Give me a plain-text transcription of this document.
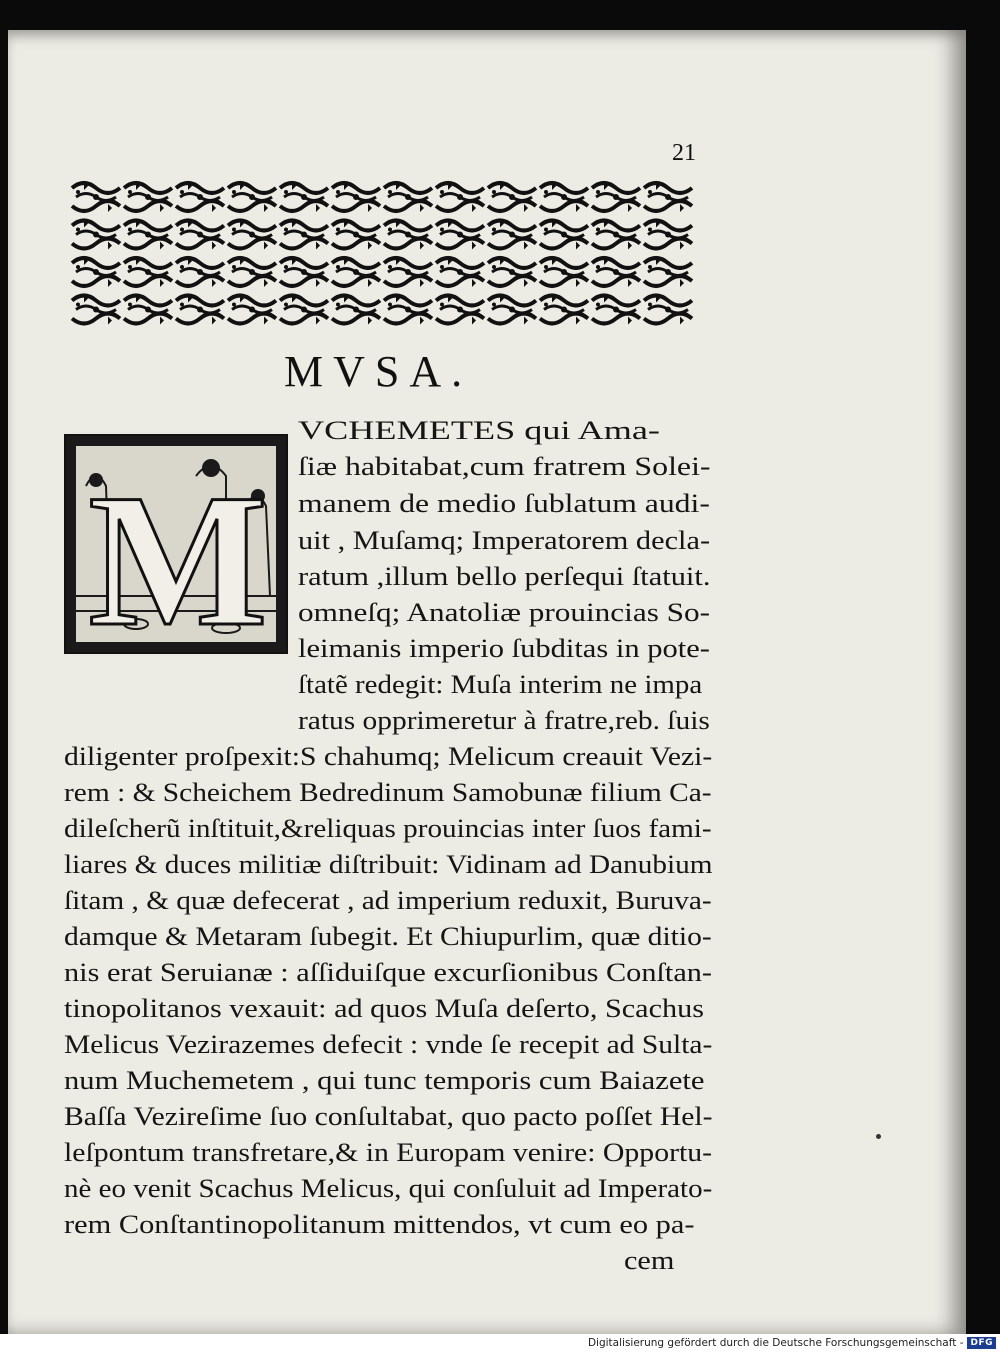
21
MVSA.
M
VCHEMETES qui Ama-
ſiæ habitabat,cum fratrem Solei-
manem de medio ſublatum audi-
uit , Muſamq; Imperatorem decla-
ratum ,illum bello perſequi ſtatuit.
omneſq; Anatoliæ prouincias So-
leimanis imperio ſubditas in pote-
ſtatẽ redegit: Muſa interim ne impa
ratus opprimeretur à fratre,reb. ſuis
diligenter proſpexit:S chahumq; Melicum creauit Vezi-
rem : & Scheichem Bedredinum Samobunæ filium Ca-
dileſcherũ inſtituit,&reliquas prouincias inter ſuos fami-
liares & duces militiæ diſtribuit: Vidinam ad Danubium
ſitam , & quæ defecerat , ad imperium reduxit, Buruva-
damque & Metaram ſubegit. Et Chiupurlim, quæ ditio-
nis erat Seruianæ : aſſiduiſque excurſionibus Conſtan-
tinopolitanos vexauit: ad quos Muſa deſerto, Scachus
Melicus Vezirazemes defecit : vnde ſe recepit ad Sulta-
num Muchemetem , qui tunc temporis cum Baiazete
Baſſa Vezireſime ſuo conſultabat, quo pacto poſſet Hel-
leſpontum transfretare,& in Europam venire: Opportu-
nè eo venit Scachus Melicus, qui conſuluit ad Imperato-
rem Conſtantinopolitanum mittendos, vt cum eo pa-
cem
Digitalisierung gefördert durch die Deutsche Forschungsgemeinschaft - DFG
